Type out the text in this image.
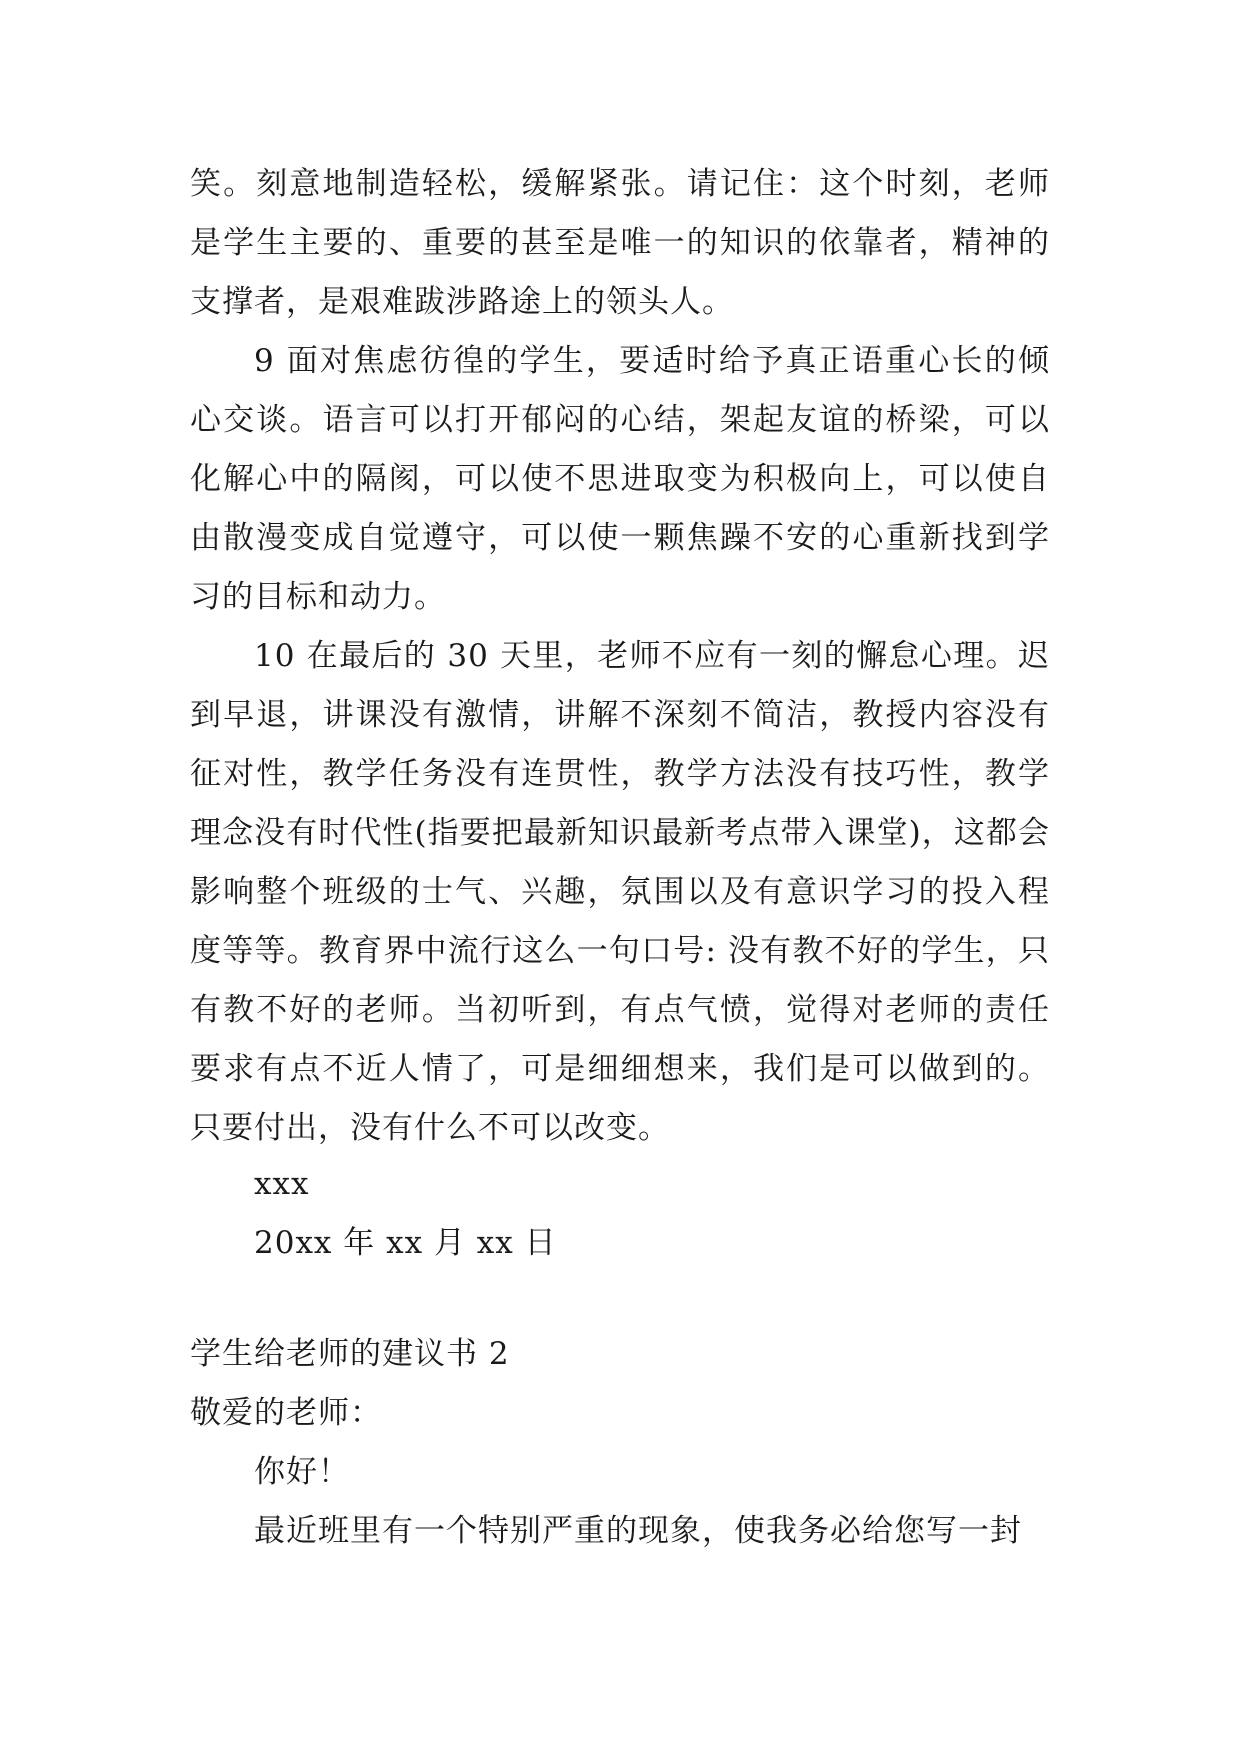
笑。刻意地制造轻松，缓解紧张。请记住：这个时刻，老师是学生主要的、重要的甚至是唯一的知识的依靠者，精神的支撑者，是艰难跋涉路途上的领头人。

9 面对焦虑彷徨的学生，要适时给予真正语重心长的倾心交谈。语言可以打开郁闷的心结，架起友谊的桥梁，可以化解心中的隔阂，可以使不思进取变为积极向上，可以使自由散漫变成自觉遵守，可以使一颗焦躁不安的心重新找到学习的目标和动力。

10 在最后的 30 天里，老师不应有一刻的懈怠心理。迟到早退，讲课没有激情，讲解不深刻不简洁，教授内容没有征对性，教学任务没有连贯性，教学方法没有技巧性，教学理念没有时代性(指要把最新知识最新考点带入课堂)，这都会影响整个班级的士气、兴趣，氛围以及有意识学习的投入程度等等。教育界中流行这么一句口号: 没有教不好的学生，只有教不好的老师。当初听到，有点气愤，觉得对老师的责任要求有点不近人情了，可是细细想来，我们是可以做到的。只要付出，没有什么不可以改变。

xxx
20xx 年 xx 月 xx 日
学生给老师的建议书 2
敬爱的老师：
你好！
最近班里有一个特别严重的现象，使我务必给您写一封
